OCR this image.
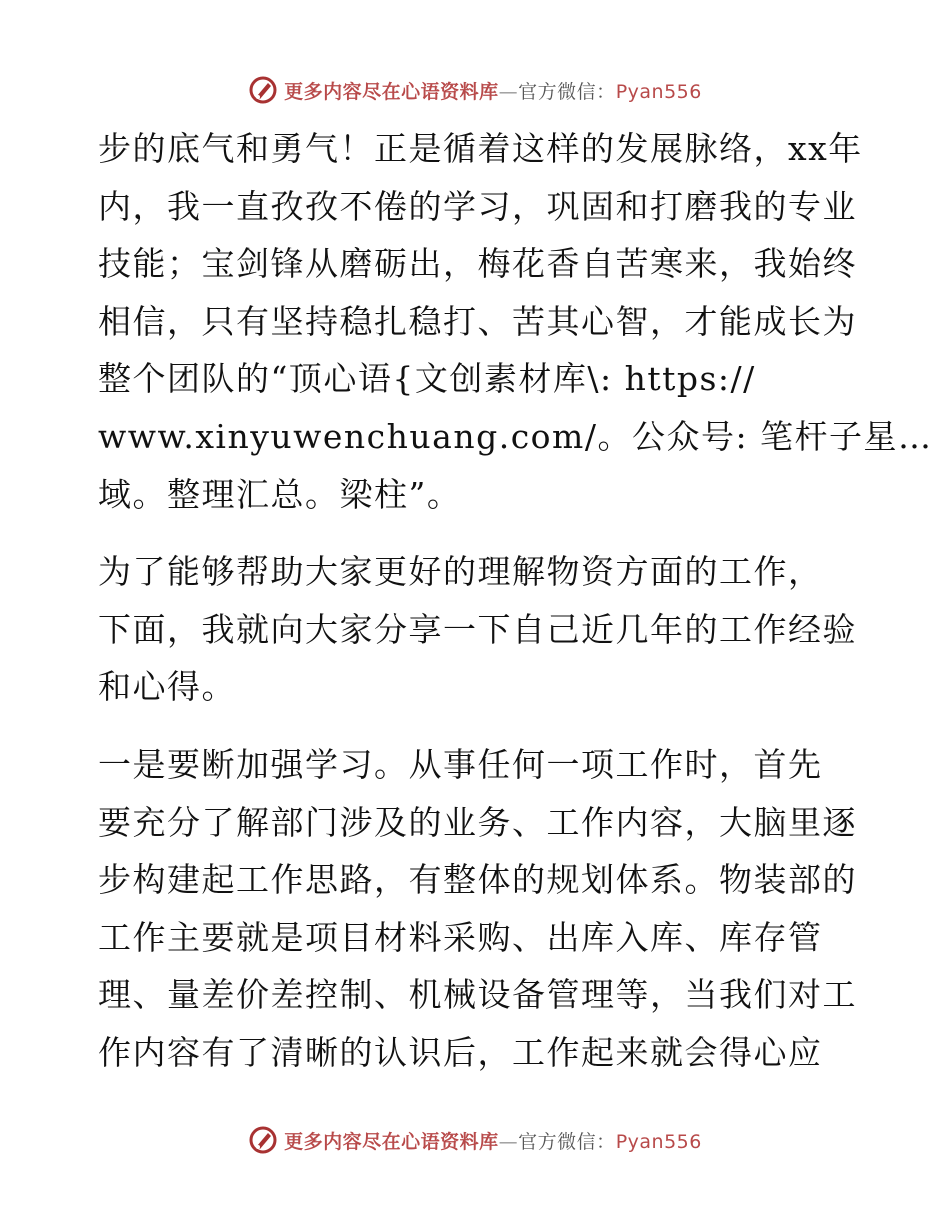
更多内容尽在心语资料库—官方微信：Pyan556
步的底气和勇气！正是循着这样的发展脉络，xx年
内，我一直孜孜不倦的学习，巩固和打磨我的专业
技能；宝剑锋从磨砺出，梅花香自苦寒来，我始终
相信，只有坚持稳扎稳打、苦其心智，才能成长为
整个团队的“顶心语{文创素材库\: https://
www.xinyuwenchuang.com/。公众号: 笔杆子星…
域。整理汇总。梁柱”。
为了能够帮助大家更好的理解物资方面的工作，
下面，我就向大家分享一下自己近几年的工作经验
和心得。
一是要断加强学习。从事任何一项工作时，首先
要充分了解部门涉及的业务、工作内容，大脑里逐
步构建起工作思路，有整体的规划体系。物装部的
工作主要就是项目材料采购、出库入库、库存管
理、量差价差控制、机械设备管理等，当我们对工
作内容有了清晰的认识后，工作起来就会得心应
更多内容尽在心语资料库—官方微信：Pyan556
